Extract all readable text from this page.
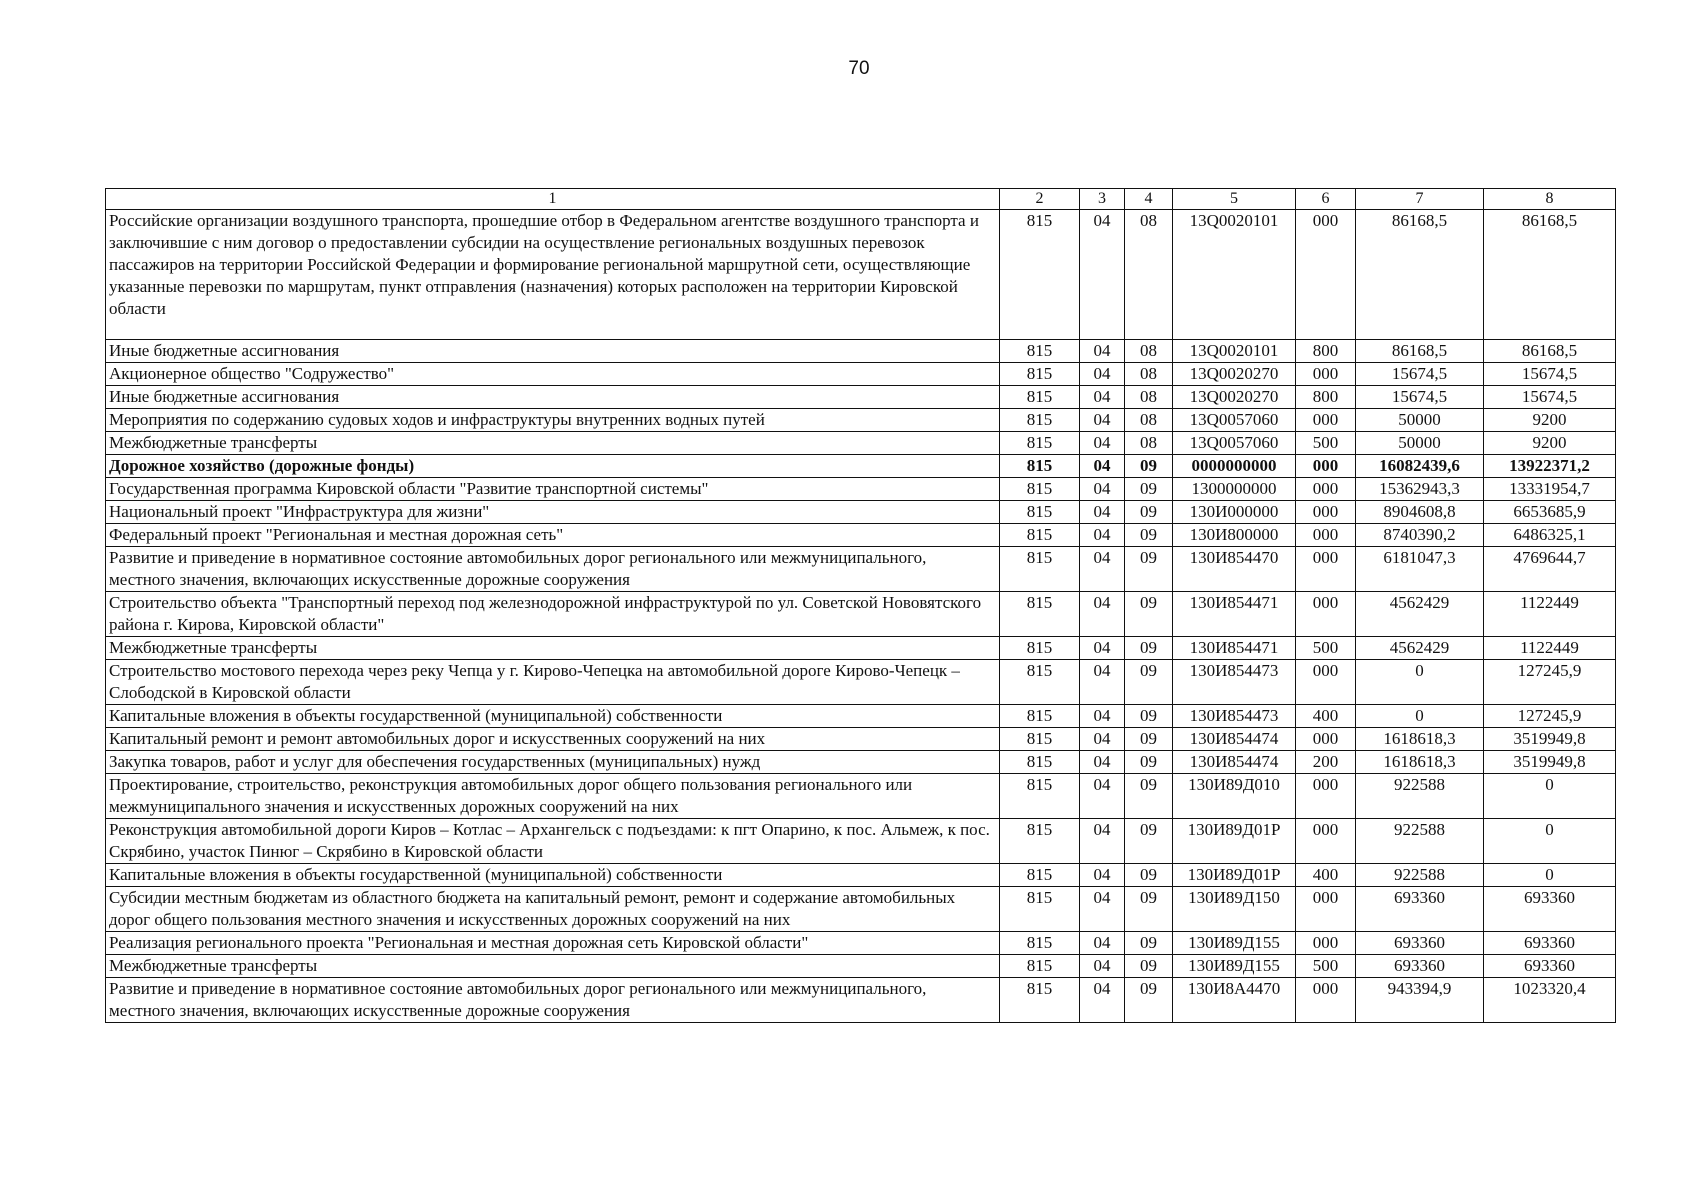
70
1	2	3	4	5	6	7	8
Российские организации воздушного транспорта, прошедшие отбор в Федеральном агентстве воздушного транспорта и заключившие с ним договор о предоставлении субсидии на осуществление региональных воздушных перевозок пассажиров на территории Российской Федерации и формирование региональной маршрутной сети, осуществляющие указанные перевозки по маршрутам, пункт отправления (назначения) которых расположен на территории Кировской области	815	04	08	13Q0020101	000	86168,5	86168,5
Иные бюджетные ассигнования	815	04	08	13Q0020101	800	86168,5	86168,5
Акционерное общество "Содружество"	815	04	08	13Q0020270	000	15674,5	15674,5
Иные бюджетные ассигнования	815	04	08	13Q0020270	800	15674,5	15674,5
Мероприятия по содержанию судовых ходов и инфраструктуры внутренних водных путей	815	04	08	13Q0057060	000	50000	9200
Межбюджетные трансферты	815	04	08	13Q0057060	500	50000	9200
Дорожное хозяйство (дорожные фонды)	815	04	09	0000000000	000	16082439,6	13922371,2
Государственная программа Кировской области "Развитие транспортной системы"	815	04	09	1300000000	000	15362943,3	13331954,7
Национальный проект "Инфраструктура для жизни"	815	04	09	130И000000	000	8904608,8	6653685,9
Федеральный проект "Региональная и местная дорожная сеть"	815	04	09	130И800000	000	8740390,2	6486325,1
Развитие и приведение в нормативное состояние автомобильных дорог регионального или межмуниципального, местного значения, включающих искусственные дорожные сооружения	815	04	09	130И854470	000	6181047,3	4769644,7
Строительство объекта "Транспортный переход под железнодорожной инфраструктурой по ул. Советской Нововятского района г. Кирова, Кировской области"	815	04	09	130И854471	000	4562429	1122449
Межбюджетные трансферты	815	04	09	130И854471	500	4562429	1122449
Строительство мостового перехода через реку Чепца у г. Кирово-Чепецка на автомобильной дороге Кирово-Чепецк – Слободской в Кировской области	815	04	09	130И854473	000	0	127245,9
Капитальные вложения в объекты государственной (муниципальной) собственности	815	04	09	130И854473	400	0	127245,9
Капитальный ремонт и ремонт автомобильных дорог и искусственных сооружений на них	815	04	09	130И854474	000	1618618,3	3519949,8
Закупка товаров, работ и услуг для обеспечения государственных (муниципальных) нужд	815	04	09	130И854474	200	1618618,3	3519949,8
Проектирование, строительство, реконструкция автомобильных дорог общего пользования регионального или межмуниципального значения и искусственных дорожных сооружений на них	815	04	09	130И89Д010	000	922588	0
Реконструкция автомобильной дороги Киров – Котлас – Архангельск с подъездами: к пгт Опарино, к пос. Альмеж, к пос. Скрябино, участок Пинюг – Скрябино в Кировской области	815	04	09	130И89Д01Р	000	922588	0
Капитальные вложения в объекты государственной (муниципальной) собственности	815	04	09	130И89Д01Р	400	922588	0
Субсидии местным бюджетам из областного бюджета на капитальный ремонт, ремонт и содержание автомобильных дорог общего пользования местного значения и искусственных дорожных сооружений на них	815	04	09	130И89Д150	000	693360	693360
Реализация регионального проекта "Региональная и местная дорожная сеть Кировской области"	815	04	09	130И89Д155	000	693360	693360
Межбюджетные трансферты	815	04	09	130И89Д155	500	693360	693360
Развитие и приведение в нормативное состояние автомобильных дорог регионального или межмуниципального, местного значения, включающих искусственные дорожные сооружения	815	04	09	130И8А4470	000	943394,9	1023320,4
